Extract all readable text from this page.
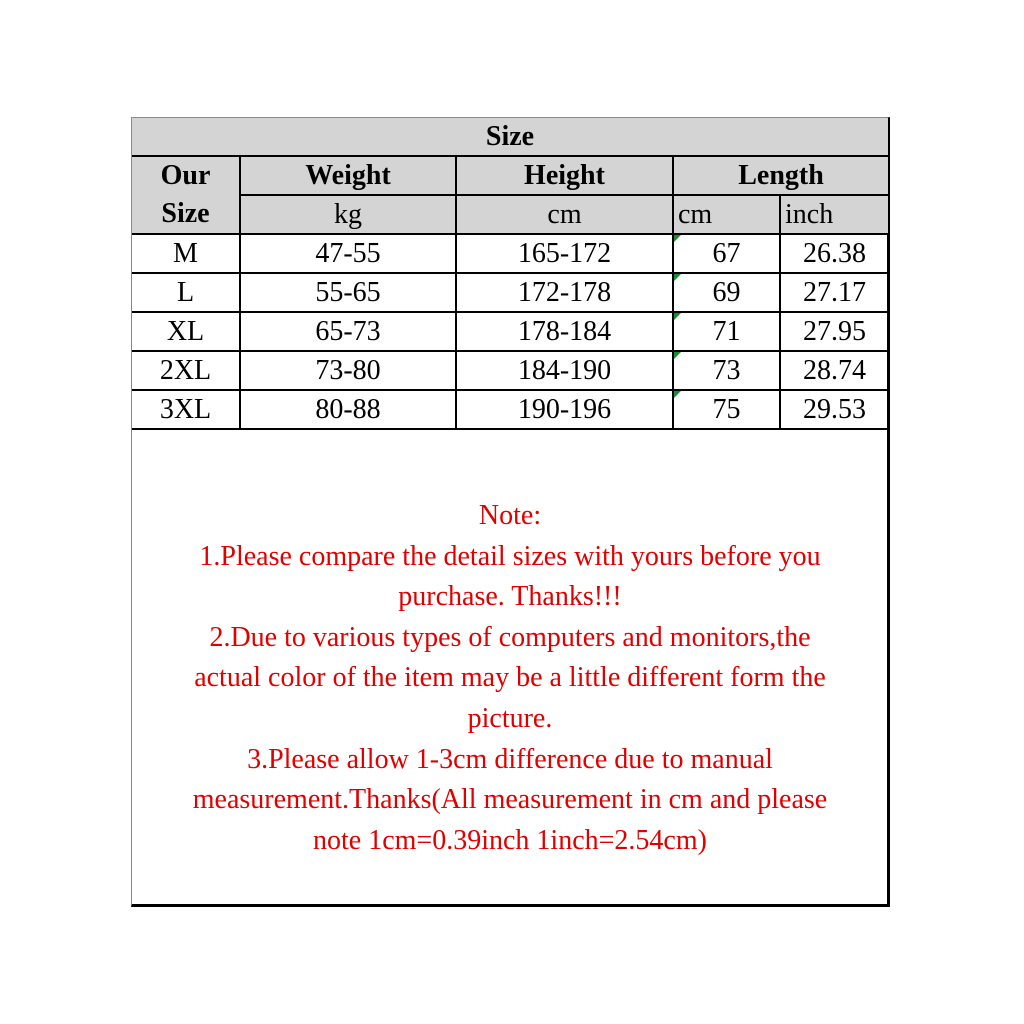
Size				

Our
Size	Weight	Height	Length	
	kg	cm	cm	inch
M	47-55	165-172	67	26.38
L	55-65	172-178	69	27.17
XL	65-73	178-184	71	27.95
2XL	73-80	184-190	73	28.74
3XL	80-88	190-196	75	29.53
Note:
1.Please compare the detail sizes with yours before you
purchase. Thanks!!!
2.Due to various types of computers and monitors,the
actual color of the item may be a little different form the
picture.
3.Please allow 1-3cm difference due to manual
measurement.Thanks(All measurement in cm and please
note 1cm=0.39inch 1inch=2.54cm)
